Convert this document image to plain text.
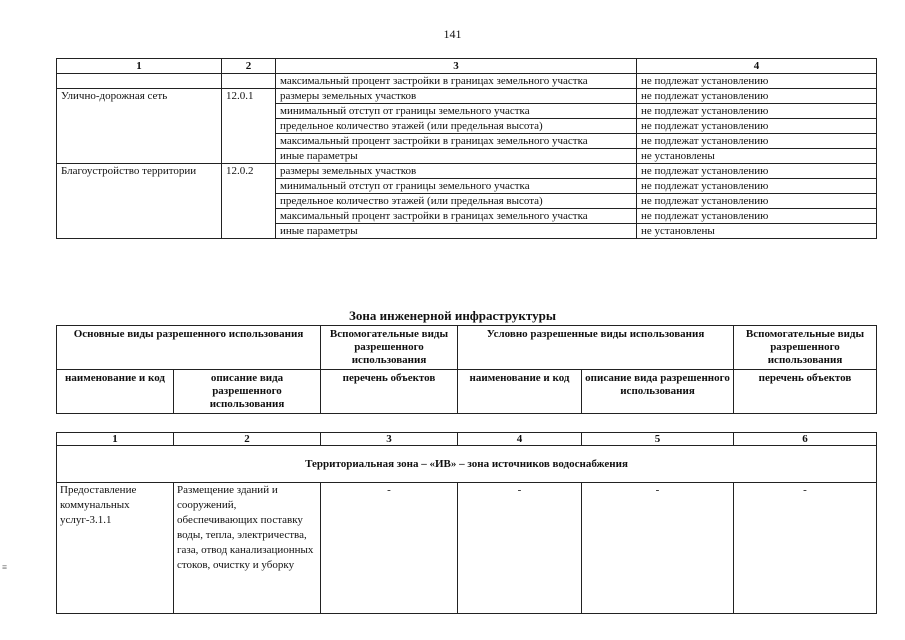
141
1	2	3	4
		максимальный процент застройки в границах земельного участка	не подлежат установлению
Улично-дорожная сеть	12.0.1	размеры земельных участков	не подлежат установлению
		минимальный отступ от границы земельного участка	не подлежат установлению
		предельное количество этажей (или предельная высота)	не подлежат установлению
		максимальный процент застройки в границах земельного участка	не подлежат установлению
		иные параметры	не установлены
Благоустройство территории	12.0.2	размеры земельных участков	не подлежат установлению
		минимальный отступ от границы земельного участка	не подлежат установлению
		предельное количество этажей (или предельная высота)	не подлежат установлению
		максимальный процент застройки в границах земельного участка	не подлежат установлению
		иные параметры	не установлены
Зона инженерной инфраструктуры
Основные виды разрешенного использования		Вспомогательные виды разрешенного использования	Условно разрешенные виды использования		Вспомогательные виды разрешенного использования
наименование и код	описание вида разрешенного использования	перечень объектов	наименование и код	описание вида разрешенного использования	перечень объектов
1	2	3	4	5	6
Территориальная зона – «ИВ» – зона источников водоснабжения					
Предоставление коммунальных услуг-3.1.1	Размещение зданий и сооружений, обеспечивающих поставку воды, тепла, электричества, газа, отвод канализационных стоков, очистку и уборку	-	-	-	-
≡
